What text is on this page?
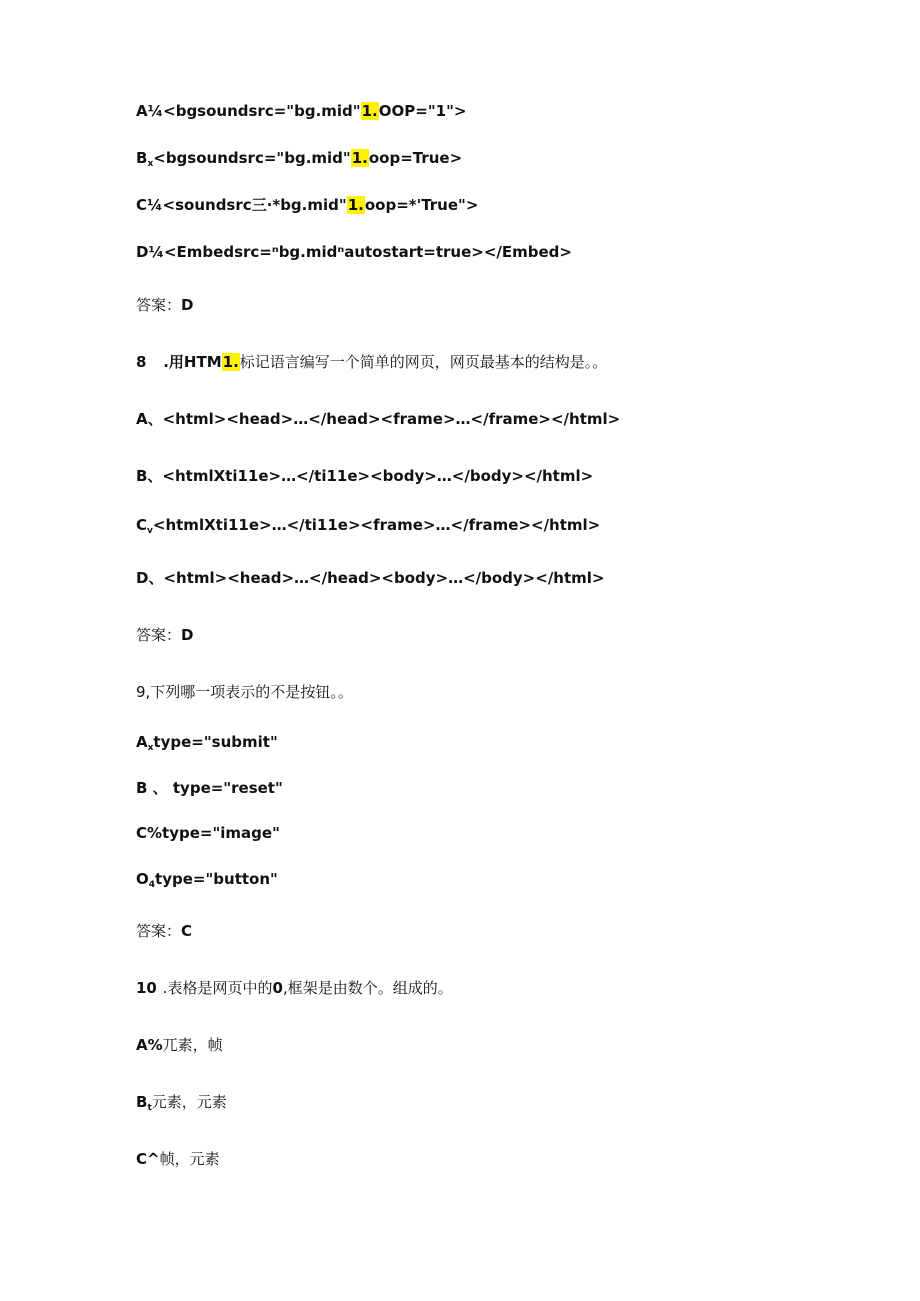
A¼<bgsoundsrc="bg.mid"1.OOP="1">
$B_x<bgsoundsrc="bg.mid"1.oop=True>$
C¼<soundsrc三·*bg.mid"1.oop=*'True">
D¼<Embedsrc=ⁿbg.midⁿautostart=true></Embed>
答案：D
8 .用HTM1.标记语言编写一个简单的网页，网页最基本的结构是。。
A、<html><head>…</head><frame>…</frame></html>
B、<htmlXti11e>…</ti11e><body>…</body></html>
$C_v<htmlXti11e>\dots</ti11e><frame>\dots</frame></html>$
D、<html><head>…</head><body>…</body></html>
答案：D
9,下列哪一项表示的不是按钮。。
$A_xtype="submit$"
B 、 type="reset"
C%type="image"
$O_4type="button$"
答案：C
10 .表格是网页中的0,框架是由数个。组成的。
A%兀素，帧
$B_t$元素，元素
C^帧，元素
